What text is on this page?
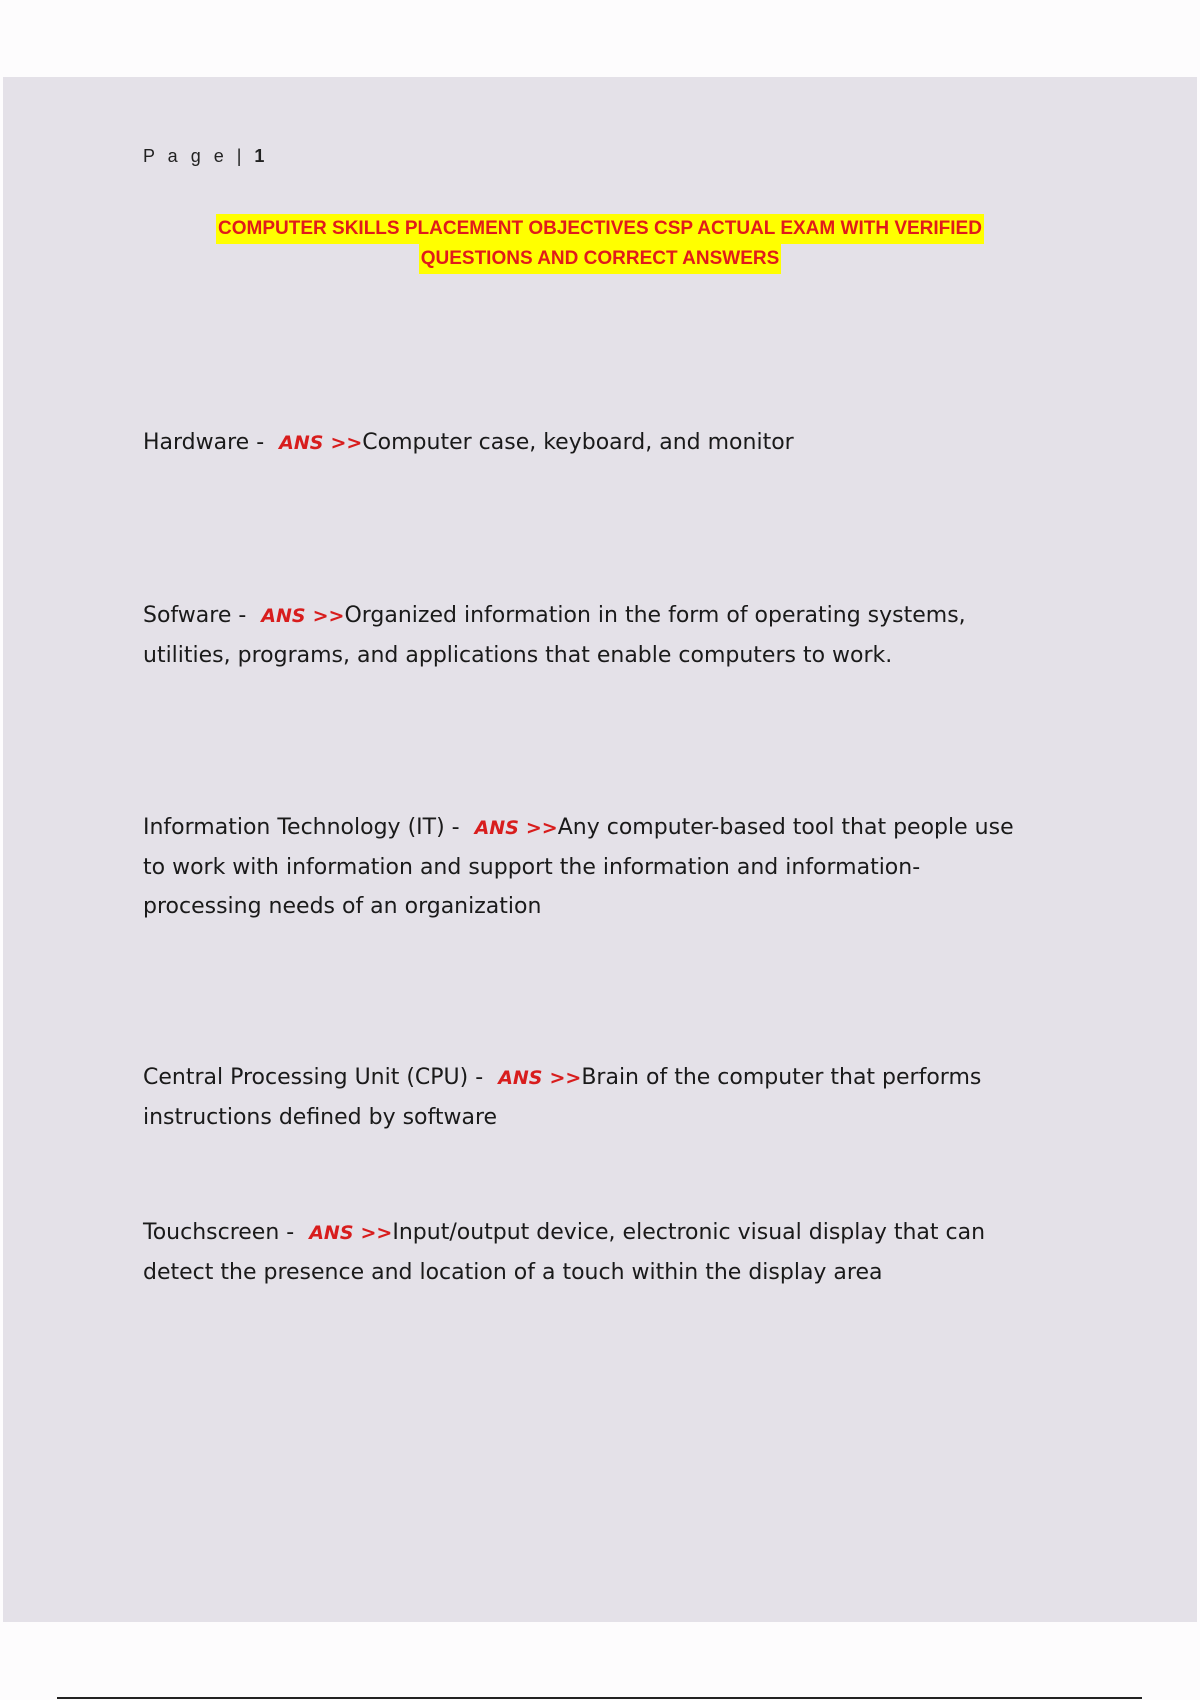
P a g e | 1
COMPUTER SKILLS PLACEMENT OBJECTIVES CSP ACTUAL EXAM WITH VERIFIED
QUESTIONS AND CORRECT ANSWERS
Hardware - ANS >>Computer case, keyboard, and monitor
Sofware - ANS >>Organized information in the form of operating systems, utilities, programs, and applications that enable computers to work.
Information Technology (IT) - ANS >>Any computer-based tool that people use to work with information and support the information and information-processing needs of an organization
Central Processing Unit (CPU) - ANS >>Brain of the computer that performs instructions defined by software
Touchscreen - ANS >>Input/output device, electronic visual display that can detect the presence and location of a touch within the display area
